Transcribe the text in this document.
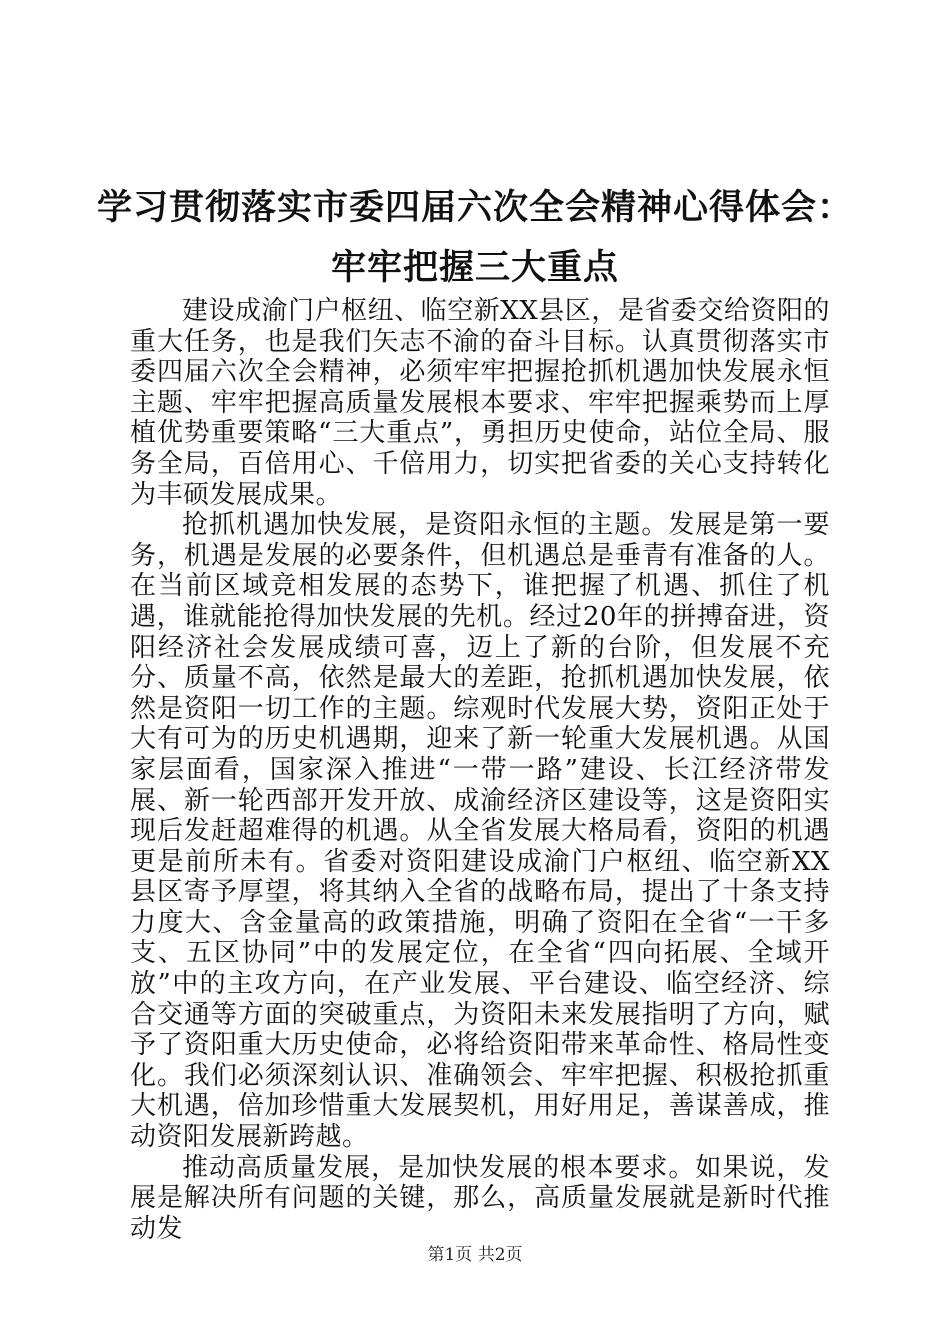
学习贯彻落实市委四届六次全会精神心得体会：
牢牢把握三大重点

建设成渝门户枢纽、临空新XX县区，是省委交给资阳的重大任务，也是我们矢志不渝的奋斗目标。认真贯彻落实市委四届六次全会精神，必须牢牢把握抢抓机遇加快发展永恒主题、牢牢把握高质量发展根本要求、牢牢把握乘势而上厚植优势重要策略“三大重点”，勇担历史使命，站位全局、服务全局，百倍用心、千倍用力，切实把省委的关心支持转化为丰硕发展成果。

抢抓机遇加快发展，是资阳永恒的主题。发展是第一要务，机遇是发展的必要条件，但机遇总是垂青有准备的人。在当前区域竞相发展的态势下，谁把握了机遇、抓住了机遇，谁就能抢得加快发展的先机。经过20年的拼搏奋进，资阳经济社会发展成绩可喜，迈上了新的台阶，但发展不充分、质量不高，依然是最大的差距，抢抓机遇加快发展，依然是资阳一切工作的主题。综观时代发展大势，资阳正处于大有可为的历史机遇期，迎来了新一轮重大发展机遇。从国家层面看，国家深入推进“一带一路”建设、长江经济带发展、新一轮西部开发开放、成渝经济区建设等，这是资阳实现后发赶超难得的机遇。从全省发展大格局看，资阳的机遇更是前所未有。省委对资阳建设成渝门户枢纽、临空新XX县区寄予厚望，将其纳入全省的战略布局，提出了十条支持力度大、含金量高的政策措施，明确了资阳在全省“一干多支、五区协同”中的发展定位，在全省“四向拓展、全域开放”中的主攻方向，在产业发展、平台建设、临空经济、综合交通等方面的突破重点，为资阳未来发展指明了方向，赋予了资阳重大历史使命，必将给资阳带来革命性、格局性变化。我们必须深刻认识、准确领会、牢牢把握、积极抢抓重大机遇，倍加珍惜重大发展契机，用好用足，善谋善成，推动资阳发展新跨越。

推动高质量发展，是加快发展的根本要求。如果说，发展是解决所有问题的关键，那么，高质量发展就是新时代推动发

第1页 共2页
